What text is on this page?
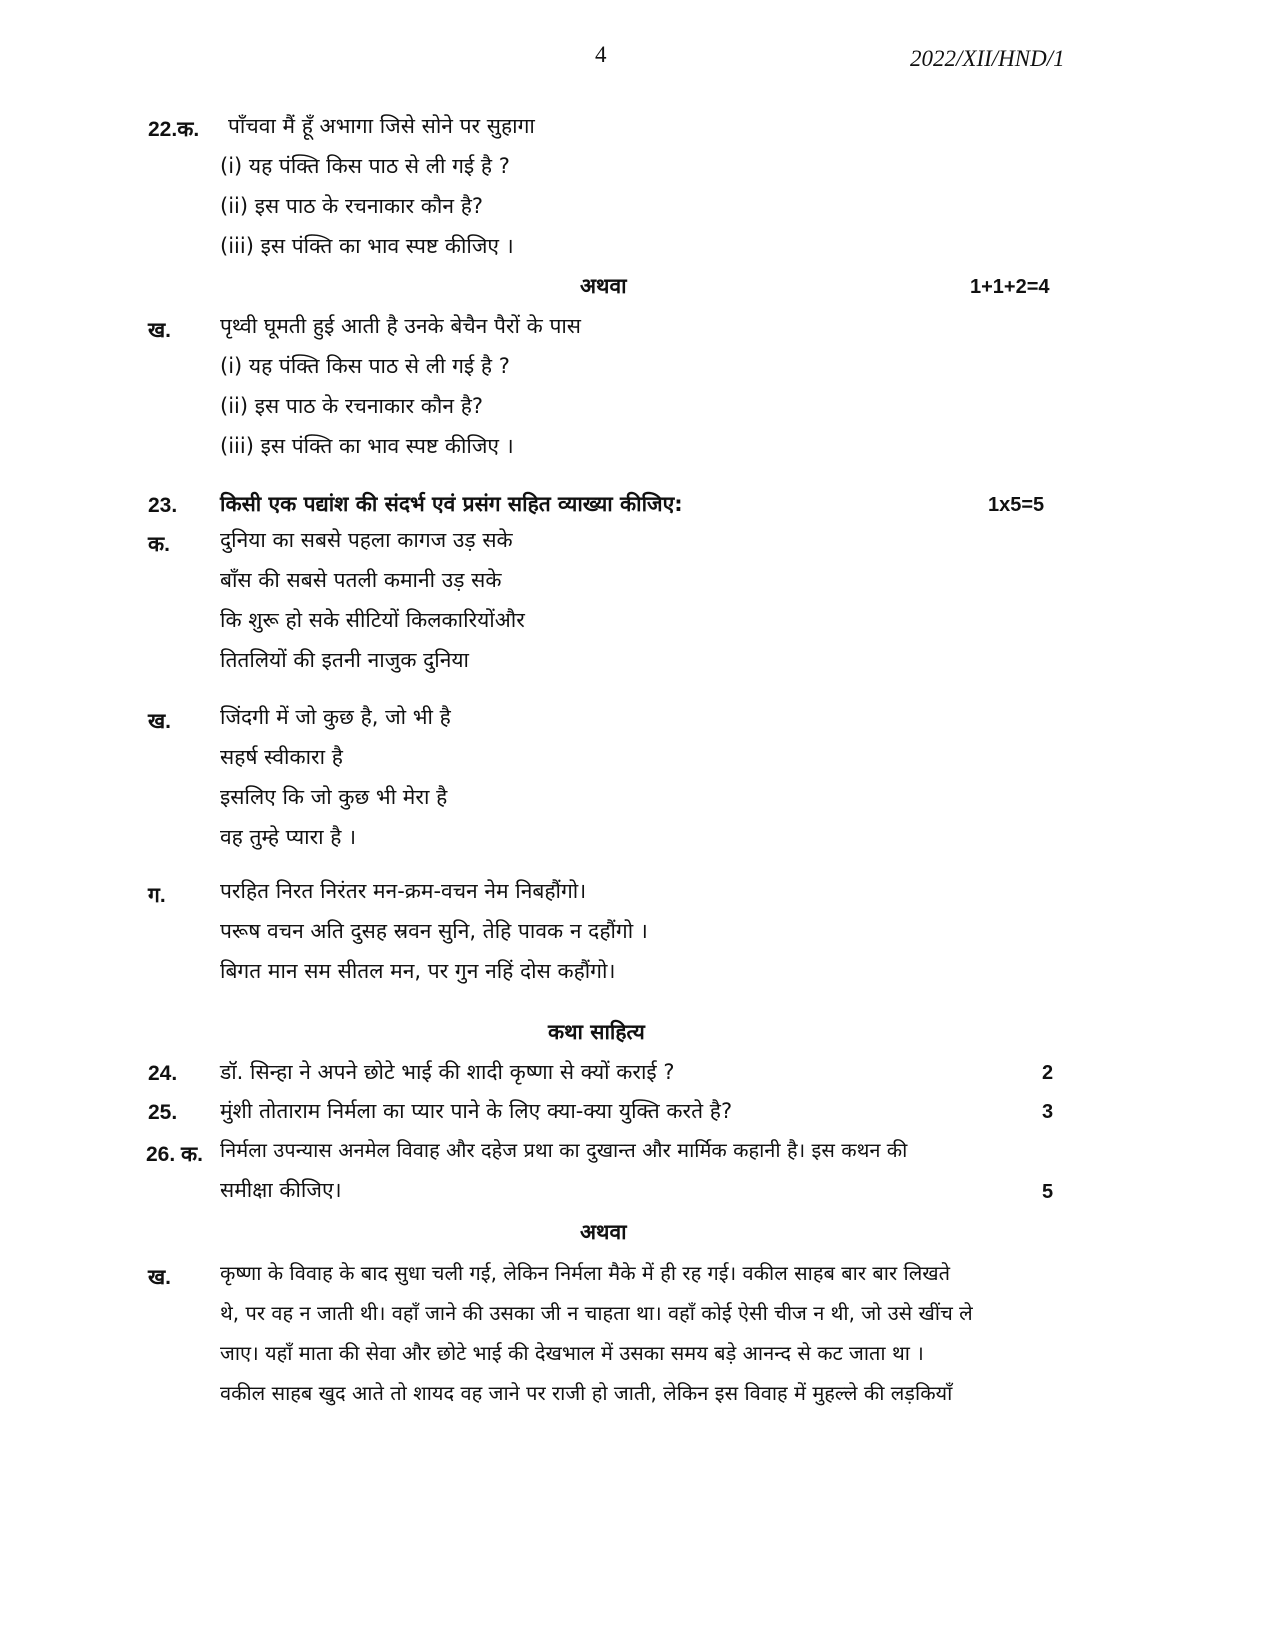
4	2022/XII/HND/1
22.क. पाँचवा मैं हूँ अभागा जिसे सोने पर सुहागा
(i) यह पंक्ति किस पाठ से ली गई है ?
(ii) इस पाठ के रचनाकार कौन है?
(iii) इस पंक्ति का भाव स्पष्ट कीजिए ।
अथवा	1+1+2=4
ख. पृथ्वी घूमती हुई आती है उनके बेचैन पैरों के पास
(i) यह पंक्ति किस पाठ से ली गई है ?
(ii) इस पाठ के रचनाकार कौन है?
(iii) इस पंक्ति का भाव स्पष्ट कीजिए ।
23. किसी एक पद्यांश की संदर्भ एवं प्रसंग सहित व्याख्या कीजिए:	1x5=5
क. दुनिया का सबसे पहला कागज उड़ सके
बाँस की सबसे पतली कमानी उड़ सके
कि शुरू हो सके सीटियों किलकारियोंऔर
तितलियों की इतनी नाजुक दुनिया
ख. जिंदगी में जो कुछ है, जो भी है
सहर्ष स्वीकारा है
इसलिए कि जो कुछ भी मेरा है
वह तुम्हे प्यारा है ।
ग.	परहित निरत निरंतर मन-क्रम-वचन नेम निबहौंगो।
परूष वचन अति दुसह स्रवन सुनि, तेहि पावक न दहौंगो ।
बिगत मान सम सीतल मन, पर गुन नहिं दोस कहौंगो।
कथा साहित्य
24. डॉ. सिन्हा ने अपने छोटे भाई की शादी कृष्णा से क्यों कराई ?	2
25. मुंशी तोताराम निर्मला का प्यार पाने के लिए क्या-क्या युक्ति करते है?	3
26. क. निर्मला उपन्यास अनमेल विवाह और दहेज प्रथा का दुखान्त और मार्मिक कहानी है। इस कथन की
समीक्षा कीजिए।	5
अथवा
ख. कृष्णा के विवाह के बाद सुधा चली गई, लेकिन निर्मला मैके में ही रह गई। वकील साहब बार बार लिखते
थे, पर वह न जाती थी। वहाँ जाने की उसका जी न चाहता था। वहाँ कोई ऐसी चीज न थी, जो उसे खींच ले
जाए। यहाँ माता की सेवा और छोटे भाई की देखभाल में उसका समय बड़े आनन्द से कट जाता था ।
वकील साहब खुद आते तो शायद वह जाने पर राजी हो जाती, लेकिन इस विवाह में मुहल्ले की लड़कियाँ
